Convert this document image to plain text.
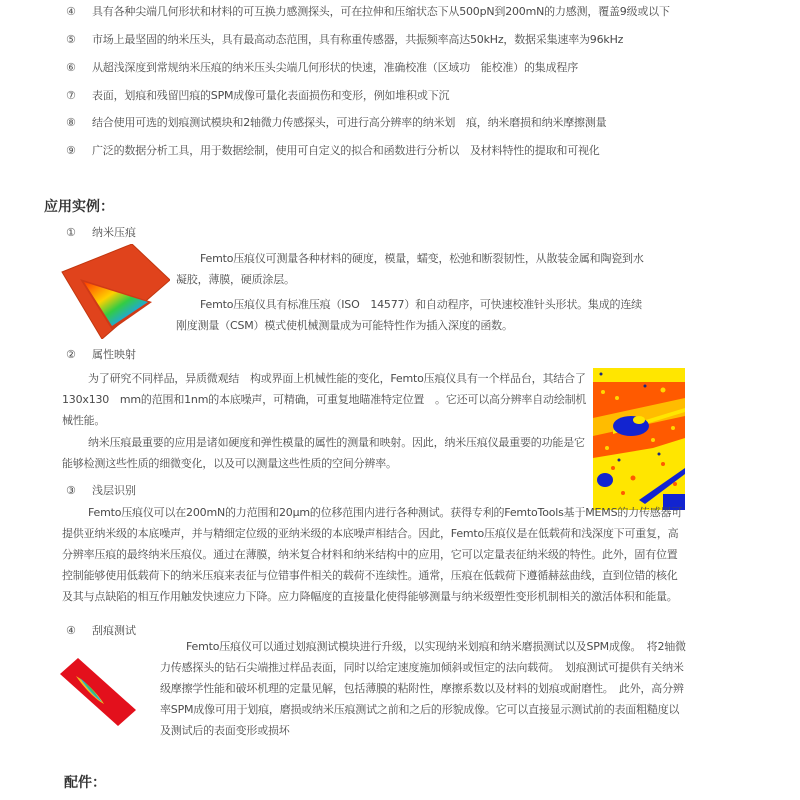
④ 具有各种尖端几何形状和材料的可互换力感测探头，可在拉伸和压缩状态下从500pN到200mN的力感测，覆盖9级或以下
⑤ 市场上最坚固的纳米压头，具有最高动态范围，具有称重传感器，共振频率高达50kHz，数据采集速率为96kHz
⑥ 从超浅深度到常规纳米压痕的纳米压头尖端几何形状的快速，准确校准（区域功　能校准）的集成程序
⑦ 表面，划痕和残留凹痕的SPM成像可量化表面损伤和变形，例如堆积或下沉
⑧ 结合使用可选的划痕测试模块和2轴微力传感探头，可进行高分辨率的纳米划　痕，纳米磨损和纳米摩擦测量
⑨ 广泛的数据分析工具，用于数据绘制，使用可自定义的拟合和函数进行分析以　及材料特性的提取和可视化
应用实例：
① 纳米压痕

Femto压痕仪可测量各种材料的硬度，模量，蠕变，松弛和断裂韧性，从散装金属和陶瓷到水凝胶，薄膜，硬质涂层。

Femto压痕仪具有标准压痕（ISO　14577）和自动程序，可快速校准针头形状。集成的连续刚度测量（CSM）模式使机械测量成为可能特性作为插入深度的函数。

② 属性映射

为了研究不同样品，异质微观结　构或界面上机械性能的变化，Femto压痕仪具有一个样品台，其结合了130x130　mm的范围和1nm的本底噪声，可精确，可重复地瞄准特定位置　。它还可以高分辨率自动绘制机械性能。

纳米压痕最重要的应用是诸如硬度和弹性模量的属性的测量和映射。因此，纳米压痕仪最重要的功能是它能够检测这些性质的细微变化，以及可以测量这些性质的空间分辨率。

③ 浅层识别

Femto压痕仪可以在200mN的力范围和20μm的位移范围内进行各种测试。获得专利的FemtoTools基于MEMS的力传感器可提供亚纳米级的本底噪声，并与精细定位级的亚纳米级的本底噪声相结合。因此，Femto压痕仪是在低载荷和浅深度下可重复，高分辨率压痕的最终纳米压痕仪。通过在薄膜，纳米复合材料和纳米结构中的应用，它可以定量表征纳米级的特性。此外，固有位置控制能够使用低载荷下的纳米压痕来表征与位错事件相关的载荷不连续性。通常，压痕在低载荷下遵循赫兹曲线，直到位错的核化及其与点缺陷的相互作用触发快速应力下降。应力降幅度的直接量化使得能够测量与纳米级塑性变形机制相关的激活体积和能量。

④ 刮痕测试

Femto压痕仪可以通过划痕测试模块进行升级，以实现纳米划痕和纳米磨损测试以及SPM成像。　将2轴微力传感探头的钻石尖端推过样品表面，同时以给定速度施加倾斜或恒定的法向载荷。　划痕测试可提供有关纳米级摩擦学性能和破坏机理的定量见解，包括薄膜的粘附性，摩擦系数以及材料的划痕或耐磨性。　此外，高分辨率SPM成像可用于划痕，磨损或纳米压痕测试之前和之后的形貌成像。它可以直接显示测试前的表面粗糙度以及测试后的表面变形或损坏

配件：
